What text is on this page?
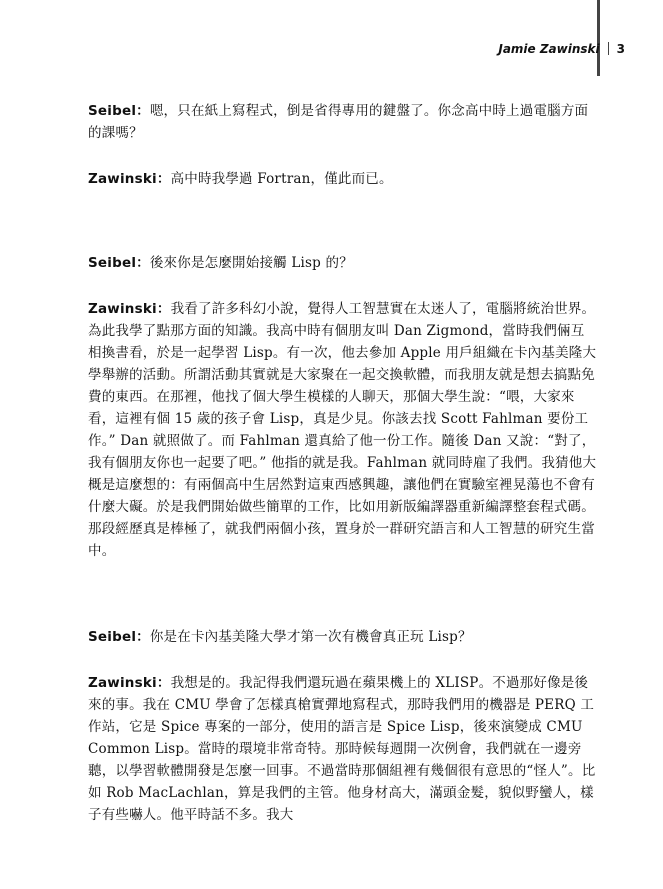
Jamie Zawinski 3

Seibel：嗯，只在紙上寫程式，倒是省得專用的鍵盤了。你念高中時上過電腦方面的課嗎？

Zawinski：高中時我學過 Fortran，僅此而已。

Seibel：後來你是怎麼開始接觸 Lisp 的？

Zawinski：我看了許多科幻小說，覺得人工智慧實在太迷人了，電腦將統治世界。為此我學了點那方面的知識。我高中時有個朋友叫 Dan Zigmond，當時我們倆互相換書看，於是一起學習 Lisp。有一次，他去參加 Apple 用戶組織在卡內基美隆大學舉辦的活動。所謂活動其實就是大家聚在一起交換軟體，而我朋友就是想去搞點免費的東西。在那裡，他找了個大學生模樣的人聊天，那個大學生說：“喂，大家來看，這裡有個 15 歲的孩子會 Lisp，真是少見。你該去找 Scott Fahlman 要份工作。” Dan 就照做了。而 Fahlman 還真給了他一份工作。隨後 Dan 又說：“對了，我有個朋友你也一起要了吧。” 他指的就是我。Fahlman 就同時雇了我們。我猜他大概是這麼想的：有兩個高中生居然對這東西感興趣，讓他們在實驗室裡晃蕩也不會有什麼大礙。於是我們開始做些簡單的工作，比如用新版編譯器重新編譯整套程式碼。那段經歷真是棒極了，就我們兩個小孩，置身於一群研究語言和人工智慧的研究生當中。

Seibel：你是在卡內基美隆大學才第一次有機會真正玩 Lisp？

Zawinski：我想是的。我記得我們還玩過在蘋果機上的 XLISP。不過那好像是後來的事。我在 CMU 學會了怎樣真槍實彈地寫程式，那時我們用的機器是 PERQ 工作站，它是 Spice 專案的一部分，使用的語言是 Spice Lisp，後來演變成 CMU Common Lisp。當時的環境非常奇特。那時候每週開一次例會，我們就在一邊旁聽，以學習軟體開發是怎麼一回事。不過當時那個組裡有幾個很有意思的“怪人”。比如 Rob MacLachlan，算是我們的主管。他身材高大，滿頭金髮，貌似野蠻人，樣子有些嚇人。他平時話不多。我大
